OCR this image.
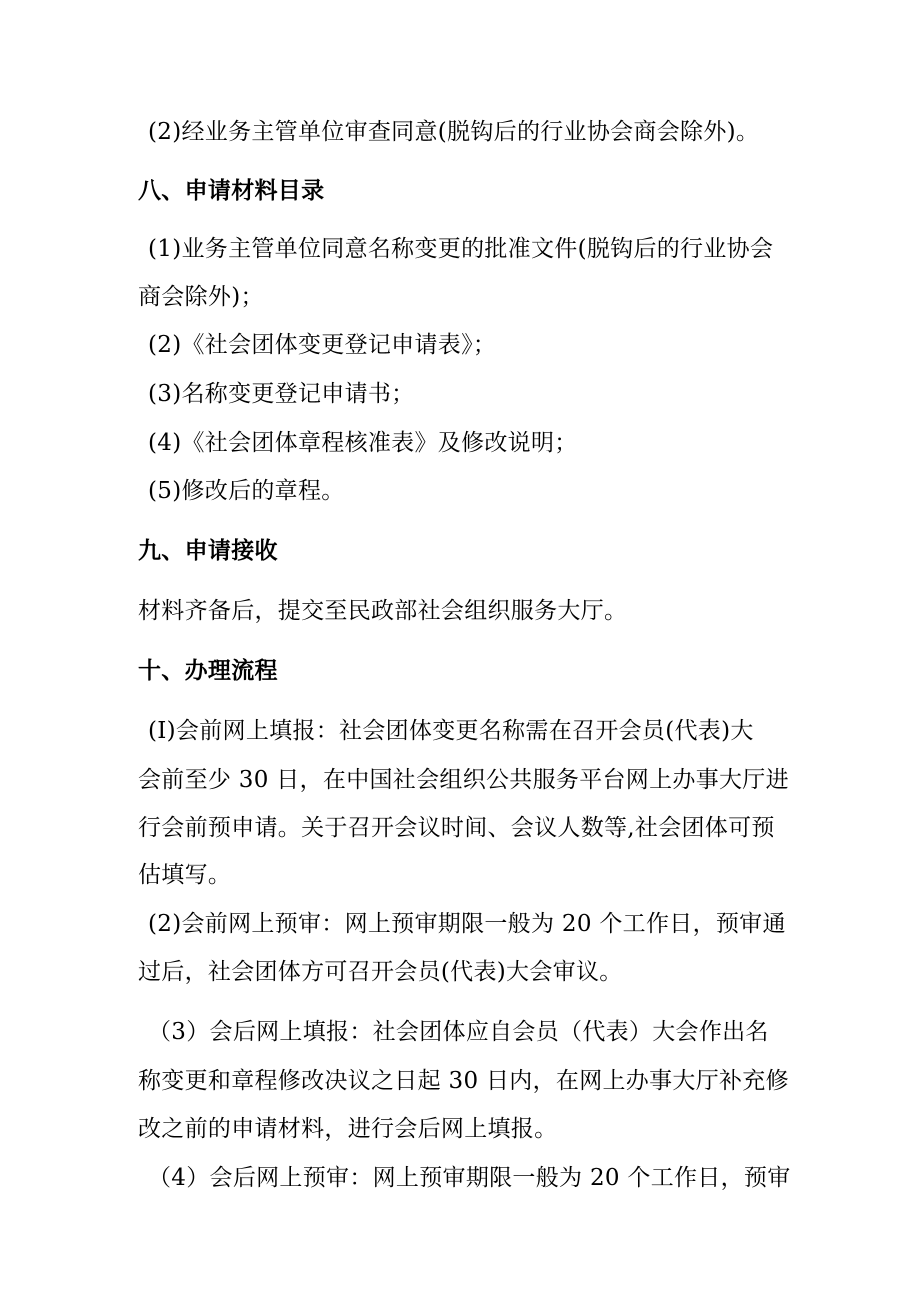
(2)经业务主管单位审查同意(脱钩后的行业协会商会除外)。
八、申请材料目录
(1)业务主管单位同意名称变更的批准文件(脱钩后的行业协会
商会除外)；
(2)《社会团体变更登记申请表》；
(3)名称变更登记申请书；
(4)《社会团体章程核准表》及修改说明；
(5)修改后的章程。
九、申请接收
材料齐备后，提交至民政部社会组织服务大厅。
十、办理流程
(I)会前网上填报：社会团体变更名称需在召开会员(代表)大
会前至少 30 日，在中国社会组织公共服务平台网上办事大厅进
行会前预申请。关于召开会议时间、会议人数等,社会团体可预
估填写。
(2)会前网上预审：网上预审期限一般为 20 个工作日，预审通
过后，社会团体方可召开会员(代表)大会审议。
（3）会后网上填报：社会团体应自会员（代表）大会作出名
称变更和章程修改决议之日起 30 日内，在网上办事大厅补充修
改之前的申请材料，进行会后网上填报。
（4）会后网上预审：网上预审期限一般为 20 个工作日，预审
